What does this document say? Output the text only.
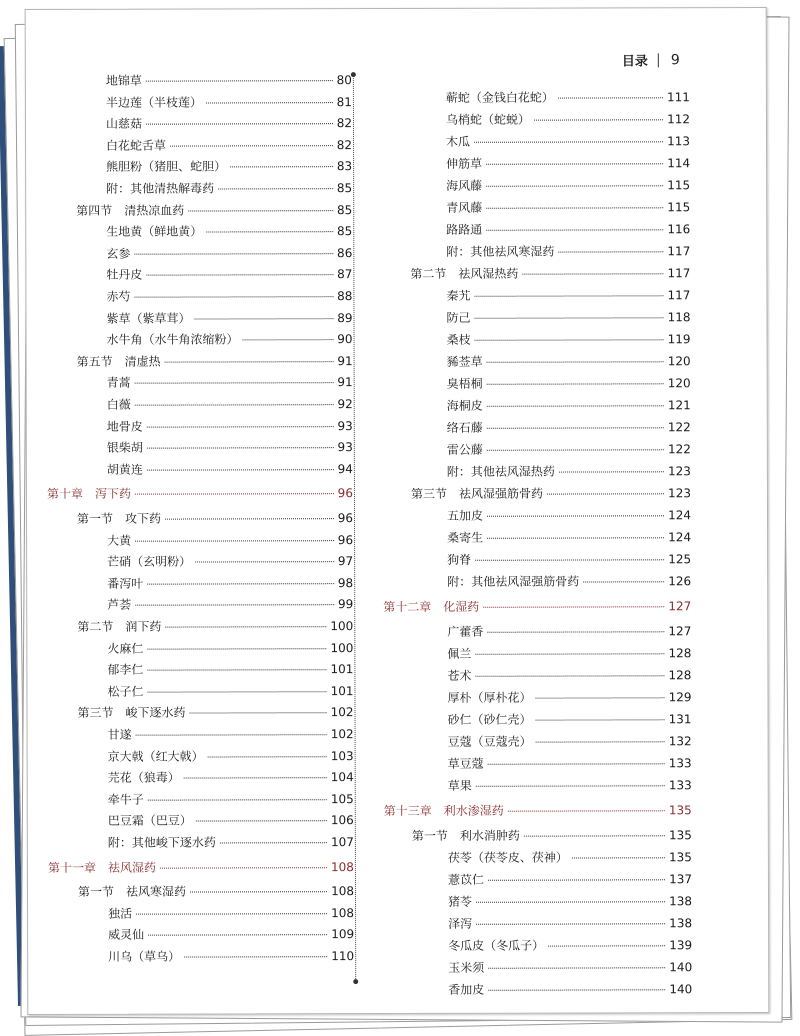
目录 9
地锦草	80
半边莲（半枝莲）	81
山慈菇	82
白花蛇舌草	82
熊胆粉（猪胆、蛇胆）	83
附：其他清热解毒药	85
第四节　清热凉血药	85
生地黄（鲜地黄）	85
玄参	86
牡丹皮	87
赤芍	88
紫草（紫草茸）	89
水牛角（水牛角浓缩粉）	90
第五节　清虚热	91
青蒿	91
白薇	92
地骨皮	93
银柴胡	93
胡黄连	94
第十章 泻下药	96
第一节　攻下药	96
大黄	96
芒硝（玄明粉）	97
番泻叶	98
芦荟	99
第二节　润下药	100
火麻仁	100
郁李仁	101
松子仁	101
第三节　峻下逐水药	102
甘遂	102
京大戟（红大戟）	103
芫花（狼毒）	104
牵牛子	105
巴豆霜（巴豆）	106
附：其他峻下逐水药	107
第十一章 祛风湿药	108
第一节　祛风寒湿药	108
独活	108
威灵仙	109
川乌（草乌）	110
蕲蛇（金钱白花蛇）	111
乌梢蛇（蛇蜕）	112
木瓜	113
伸筋草	114
海风藤	115
青风藤	115
路路通	116
附：其他祛风寒湿药	117
第二节　祛风湿热药	117
秦艽	117
防己	118
桑枝	119
豨莶草	120
臭梧桐	120
海桐皮	121
络石藤	122
雷公藤	122
附：其他祛风湿热药	123
第三节　祛风湿强筋骨药	123
五加皮	124
桑寄生	124
狗脊	125
附：其他祛风湿强筋骨药	126
第十二章 化湿药	127
广藿香	127
佩兰	128
苍术	128
厚朴（厚朴花）	129
砂仁（砂仁壳）	131
豆蔻（豆蔻壳）	132
草豆蔻	133
草果	133
第十三章 利水渗湿药	135
第一节　利水消肿药	135
茯苓（茯苓皮、茯神）	135
薏苡仁	137
猪苓	138
泽泻	138
冬瓜皮（冬瓜子）	139
玉米须	140
香加皮	140
